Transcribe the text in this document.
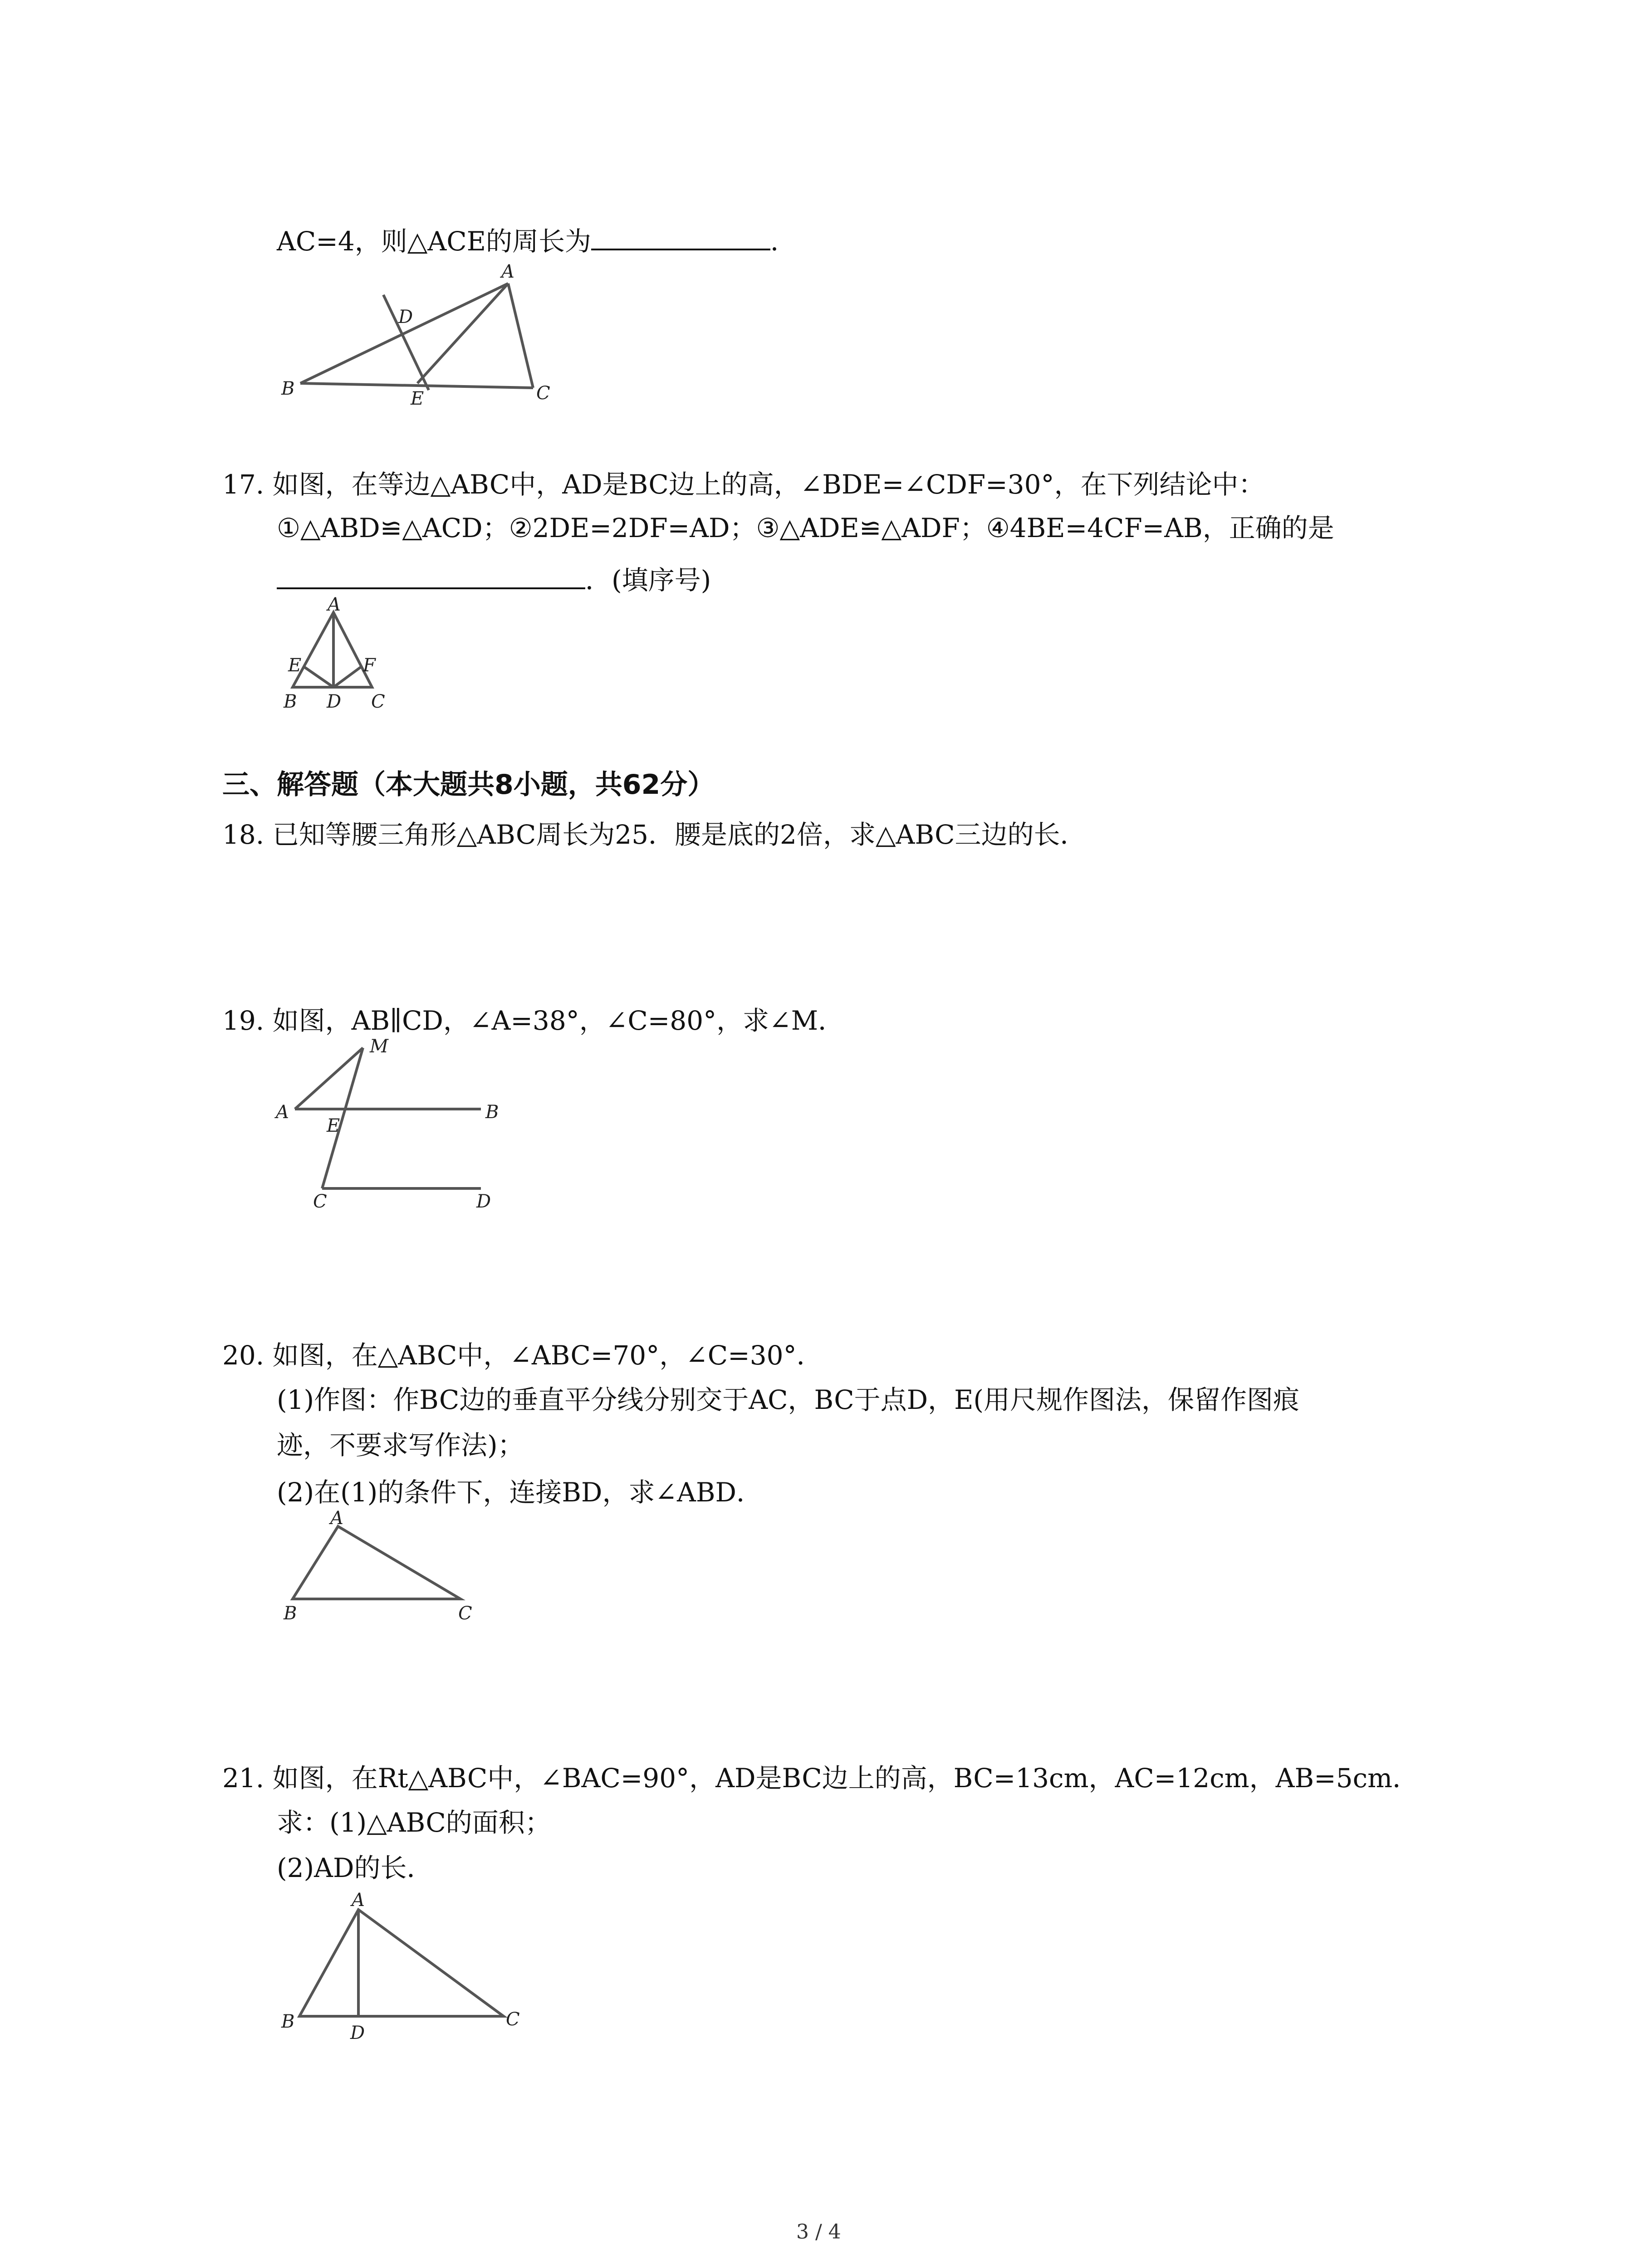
AC=4，则△ACE的周长为	．
A
B	C
D
E
17. 如图，在等边△ABC中，AD是BC边上的高，∠BDE=∠CDF=30°，在下列结论中：
①△ABD≌△ACD；②2DE=2DF=AD；③△ADE≌△ADF；④4BE=4CF=AB，正确的是
．(填序号)
A
B	C
D
E	F
三、解答题（本大题共8小题，共62分）
18. 已知等腰三角形△ABC周长为25．腰是底的2倍，求△ABC三边的长．
19. 如图，AB∥CD，∠A=38°，∠C=80°，求∠M．
M
A	B
E
C	D
20. 如图，在△ABC中，∠ABC=70°，∠C=30°．
(1)作图：作BC边的垂直平分线分别交于AC，BC于点D，E(用尺规作图法，保留作图痕
迹，不要求写作法)；
(2)在(1)的条件下，连接BD，求∠ABD．
A
B	C
21. 如图，在Rt△ABC中，∠BAC=90°，AD是BC边上的高，BC=13cm，AC=12cm，AB=5cm．
求：(1)△ABC的面积；
(2)AD的长．
A
B	C
D
3 / 4
